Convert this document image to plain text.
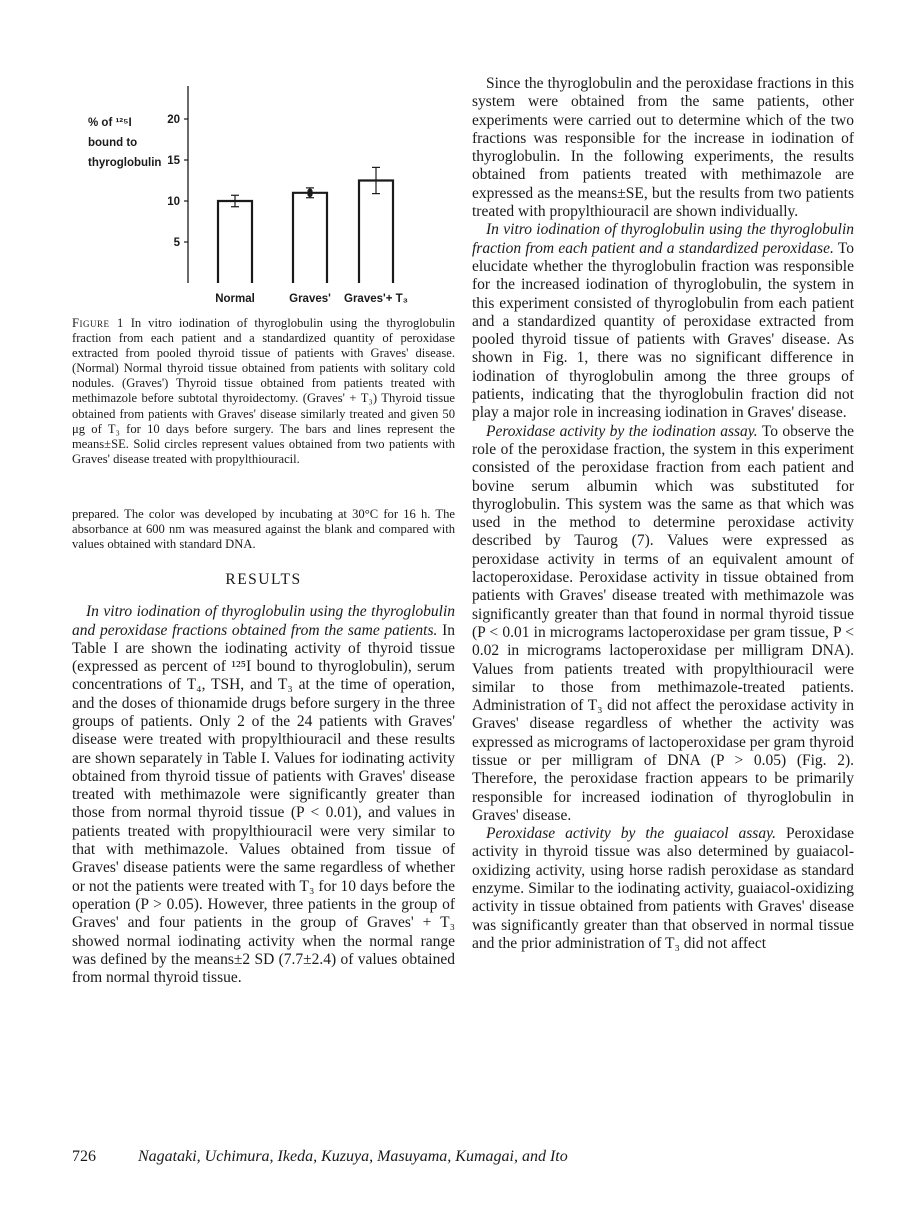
% of ¹²⁵I
bound to
thyroglobulin
5
10
15
20
Normal	Graves' Graves'+ T₃

Figure 1 In vitro iodination of thyroglobulin using the thyroglobulin fraction from each patient and a standardized quantity of peroxidase extracted from pooled thyroid tissue of patients with Graves' disease. (Normal) Normal thyroid tissue obtained from patients with solitary cold nodules. (Graves') Thyroid tissue obtained from patients treated with methimazole before subtotal thyroidectomy. (Graves' + T₃) Thyroid tissue obtained from patients with Graves' disease similarly treated and given 50 μg of T₃ for 10 days before surgery. The bars and lines represent the means±SE. Solid circles represent values obtained from two patients with Graves' disease treated with propylthiouracil.

prepared. The color was developed by incubating at 30°C for 16 h. The absorbance at 600 nm was measured against the blank and compared with values obtained with standard DNA.

RESULTS

In vitro iodination of thyroglobulin using the thyroglobulin and peroxidase fractions obtained from the same patients. In Table I are shown the iodinating activity of thyroid tissue (expressed as percent of ¹²⁵I bound to thyroglobulin), serum concentrations of T₄, TSH, and T₃ at the time of operation, and the doses of thionamide drugs before surgery in the three groups of patients. Only 2 of the 24 patients with Graves' disease were treated with propylthiouracil and these results are shown separately in Table I. Values for iodinating activity obtained from thyroid tissue of patients with Graves' disease treated with methimazole were significantly greater than those from normal thyroid tissue (P < 0.01), and values in patients treated with propylthiouracil were very similar to that with methimazole. Values obtained from tissue of Graves' disease patients were the same regardless of whether or not the patients were treated with T₃ for 10 days before the operation (P > 0.05). However, three patients in the group of Graves' and four patients in the group of Graves' + T₃ showed normal iodinating activity when the normal range was defined by the means±2 SD (7.7±2.4) of values obtained from normal thyroid tissue.

Since the thyroglobulin and the peroxidase fractions in this system were obtained from the same patients, other experiments were carried out to determine which of the two fractions was responsible for the increase in iodination of thyroglobulin. In the following experiments, the results obtained from patients treated with methimazole are expressed as the means±SE, but the results from two patients treated with propylthiouracil are shown individually.

In vitro iodination of thyroglobulin using the thyroglobulin fraction from each patient and a standardized peroxidase. To elucidate whether the thyroglobulin fraction was responsible for the increased iodination of thyroglobulin, the system in this experiment consisted of thyroglobulin from each patient and a standardized quantity of peroxidase extracted from pooled thyroid tissue of patients with Graves' disease. As shown in Fig. 1, there was no significant difference in iodination of thyroglobulin among the three groups of patients, indicating that the thyroglobulin fraction did not play a major role in increasing iodination in Graves' disease.

Peroxidase activity by the iodination assay. To observe the role of the peroxidase fraction, the system in this experiment consisted of the peroxidase fraction from each patient and bovine serum albumin which was substituted for thyroglobulin. This system was the same as that which was used in the method to determine peroxidase activity described by Taurog (7). Values were expressed as peroxidase activity in terms of an equivalent amount of lactoperoxidase. Peroxidase activity in tissue obtained from patients with Graves' disease treated with methimazole was significantly greater than that found in normal thyroid tissue (P < 0.01 in micrograms lactoperoxidase per gram tissue, P < 0.02 in micrograms lactoperoxidase per milligram DNA). Values from patients treated with propylthiouracil were similar to those from methimazole-treated patients. Administration of T₃ did not affect the peroxidase activity in Graves' disease regardless of whether the activity was expressed as micrograms of lactoperoxidase per gram thyroid tissue or per milligram of DNA (P > 0.05) (Fig. 2). Therefore, the peroxidase fraction appears to be primarily responsible for increased iodination of thyroglobulin in Graves' disease.

Peroxidase activity by the guaiacol assay. Peroxidase activity in thyroid tissue was also determined by guaiacol-oxidizing activity, using horse radish peroxidase as standard enzyme. Similar to the iodinating activity, guaiacol-oxidizing activity in tissue obtained from patients with Graves' disease was significantly greater than that observed in normal tissue and the prior administration of T₃ did not affect

726	Nagataki, Uchimura, Ikeda, Kuzuya, Masuyama, Kumagai, and Ito
